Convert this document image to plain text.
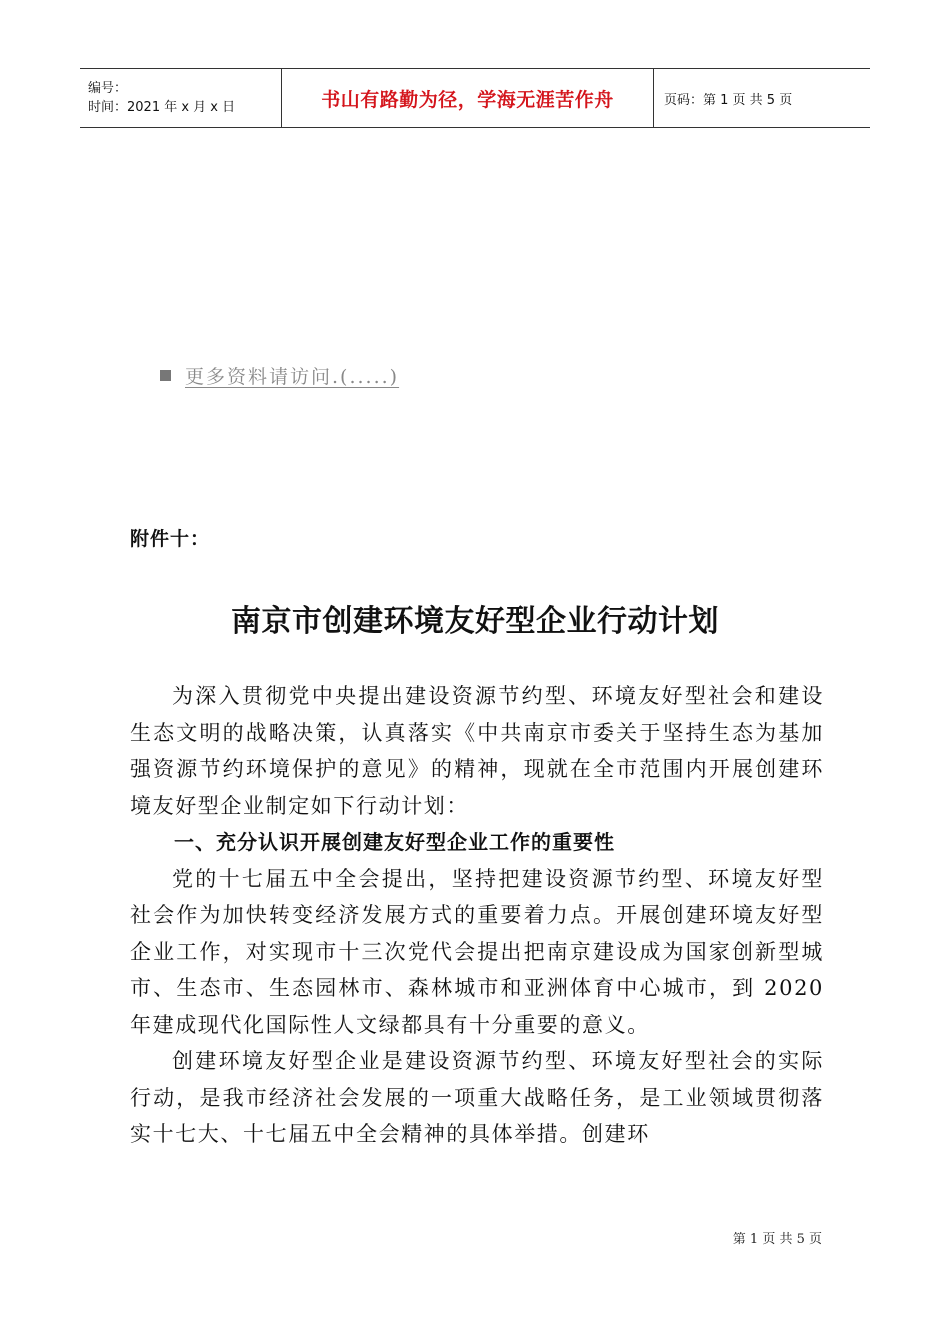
编号：
时间：2021 年 x 月 x 日	书山有路勤为径，学海无涯苦作舟	页码：第 1 页 共 5 页
更多资料请访问.(.....)
附件十：
南京市创建环境友好型企业行动计划

为深入贯彻党中央提出建设资源节约型、环境友好型社会和建设生态文明的战略决策，认真落实《中共南京市委关于坚持生态为基加强资源节约环境保护的意见》的精神，现就在全市范围内开展创建环境友好型企业制定如下行动计划：

一、充分认识开展创建友好型企业工作的重要性

党的十七届五中全会提出，坚持把建设资源节约型、环境友好型社会作为加快转变经济发展方式的重要着力点。开展创建环境友好型企业工作，对实现市十三次党代会提出把南京建设成为国家创新型城市、生态市、生态园林市、森林城市和亚洲体育中心城市，到 2020 年建成现代化国际性人文绿都具有十分重要的意义。

创建环境友好型企业是建设资源节约型、环境友好型社会的实际行动，是我市经济社会发展的一项重大战略任务，是工业领域贯彻落实十七大、十七届五中全会精神的具体举措。创建环

第 1 页 共 5 页
